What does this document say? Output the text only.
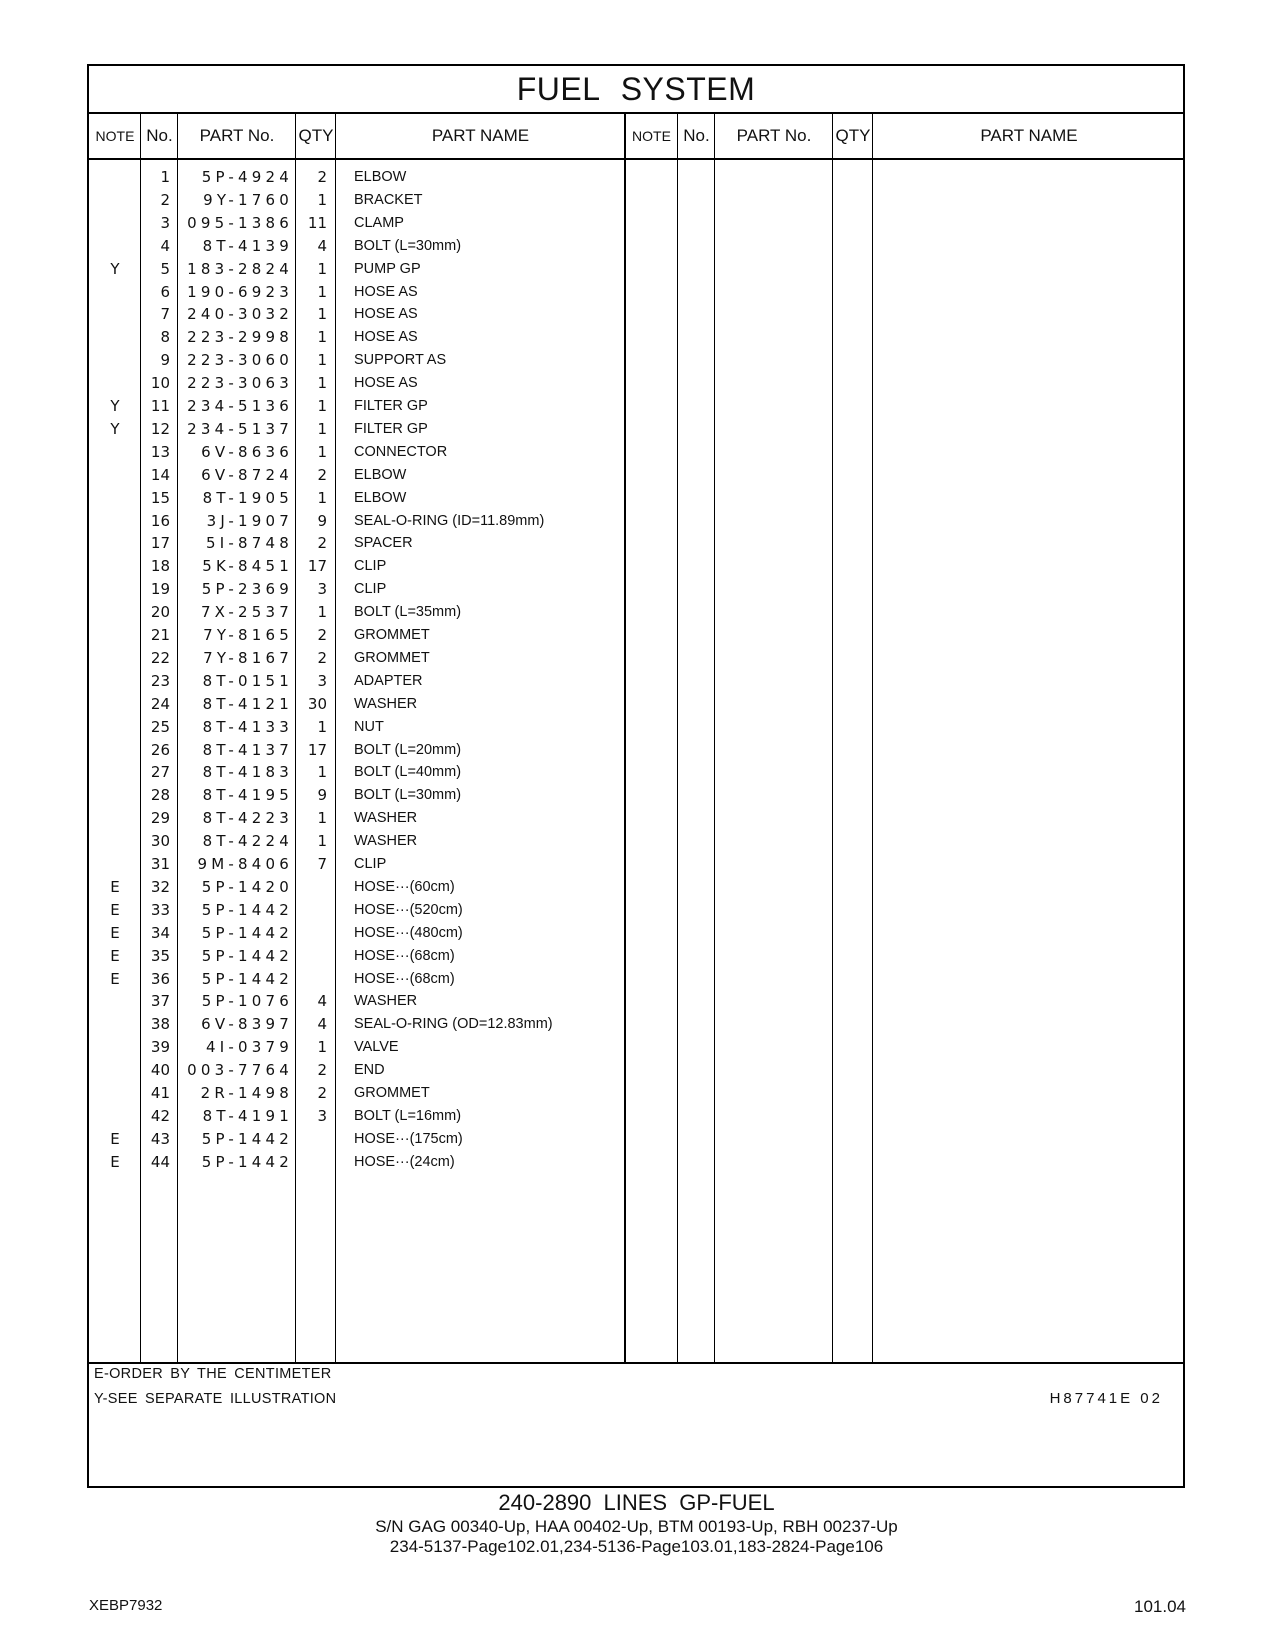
FUEL SYSTEM
NOTE No.	PART No.	QTY	PART NAME	NOTE No.	PART No.	QTY	PART NAME
1	5P-4924	2 ELBOW
2	9Y-1760	1 BRACKET
3	095-1386 11 CLAMP
4	8T-4139	4 BOLT (L=30mm)
Y	5	183-2824	1 PUMP GP
6	190-6923	1 HOSE AS
7	240-3032	1 HOSE AS
8	223-2998	1 HOSE AS
9	223-3060	1 SUPPORT AS
10	223-3063	1 HOSE AS
Y	11	234-5136	1 FILTER GP
Y	12	234-5137	1 FILTER GP
13	6V-8636	1 CONNECTOR
14	6V-8724	2 ELBOW
15	8T-1905	1 ELBOW
16	3J-1907	9 SEAL-O-RING (ID=11.89mm)
17	5I-8748	2 SPACER
18	5K-8451 17 CLIP
19	5P-2369	3 CLIP
20	7X-2537	1 BOLT (L=35mm)
21	7Y-8165	2 GROMMET
22	7Y-8167	2 GROMMET
23	8T-0151	3 ADAPTER
24	8T-4121 30 WASHER
25	8T-4133	1 NUT
26	8T-4137 17 BOLT (L=20mm)
27	8T-4183	1 BOLT (L=40mm)
28	8T-4195	9 BOLT (L=30mm)
29	8T-4223	1 WASHER
30	8T-4224	1 WASHER
31	9M-8406	7 CLIP
E	32	5P-1420	HOSE···(60cm)
E	33	5P-1442	HOSE···(520cm)
E	34	5P-1442	HOSE···(480cm)
E	35	5P-1442	HOSE···(68cm)
E	36	5P-1442	HOSE···(68cm)
37	5P-1076	4 WASHER
38	6V-8397	4 SEAL-O-RING (OD=12.83mm)
39	4I-0379	1 VALVE
40	003-7764	2 END
41	2R-1498	2 GROMMET
42	8T-4191	3 BOLT (L=16mm)
E	43	5P-1442	HOSE···(175cm)
E	44	5P-1442	HOSE···(24cm)
E-ORDER BY THE CENTIMETER
Y-SEE SEPARATE ILLUSTRATION	H87741E 02
240-2890 LINES GP-FUEL
S/N GAG 00340-Up, HAA 00402-Up, BTM 00193-Up, RBH 00237-Up
234-5137-Page102.01,234-5136-Page103.01,183-2824-Page106
XEBP7932	101.04
